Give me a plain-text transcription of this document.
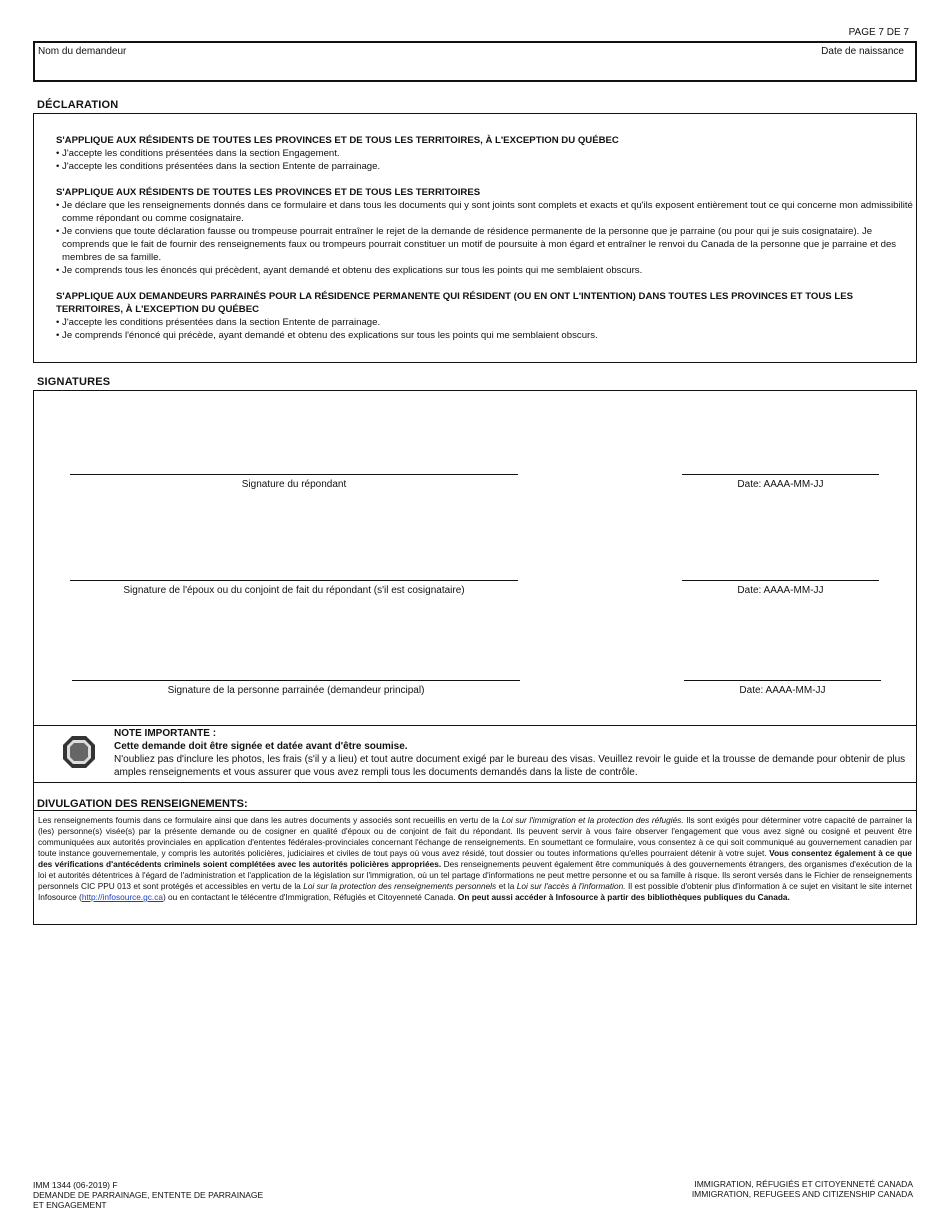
PAGE 7 DE 7
Nom du demandeur	Date de naissance
DÉCLARATION
S'APPLIQUE AUX RÉSIDENTS DE TOUTES LES PROVINCES ET DE TOUS LES TERRITOIRES, À L'EXCEPTION DU QUÉBEC
• J'accepte les conditions présentées dans la section Engagement.
• J'accepte les conditions présentées dans la section Entente de parrainage.
S'APPLIQUE AUX RÉSIDENTS DE TOUTES LES PROVINCES ET DE TOUS LES TERRITOIRES
• Je déclare que les renseignements donnés dans ce formulaire et dans tous les documents qui y sont joints sont complets et exacts et qu'ils exposent entièrement tout ce qui concerne mon admissibilité comme répondant ou comme cosignataire.
• Je conviens que toute déclaration fausse ou trompeuse pourrait entraîner le rejet de la demande de résidence permanente de la personne que je parraine (ou pour qui je suis cosignataire). Je comprends que le fait de fournir des renseignements faux ou trompeurs pourrait constituer un motif de poursuite à mon égard et entraîner le renvoi du Canada de la personne que je parraine et des membres de sa famille.
• Je comprends tous les énoncés qui précèdent, ayant demandé et obtenu des explications sur tous les points qui me semblaient obscurs.
S'APPLIQUE AUX DEMANDEURS PARRAINÉS POUR LA RÉSIDENCE PERMANENTE QUI RÉSIDENT (OU EN ONT L'INTENTION) DANS TOUTES LES PROVINCES ET TOUS LES TERRITOIRES, À L'EXCEPTION DU QUÉBEC
• J'accepte les conditions présentées dans la section Entente de parrainage.
• Je comprends l'énoncé qui précède, ayant demandé et obtenu des explications sur tous les points qui me semblaient obscurs.
SIGNATURES
Signature du répondant	Date: AAAA-MM-JJ
Signature de l'époux ou du conjoint de fait du répondant (s'il est cosignataire)	Date: AAAA-MM-JJ
Signature de la personne parrainée (demandeur principal)	Date: AAAA-MM-JJ
NOTE IMPORTANTE :
Cette demande doit être signée et datée avant d'être soumise.
N'oubliez pas d'inclure les photos, les frais (s'il y a lieu) et tout autre document exigé par le bureau des visas. Veuillez revoir le guide et la trousse de demande pour obtenir de plus amples renseignements et vous assurer que vous avez rempli tous les documents demandés dans la liste de contrôle.
DIVULGATION DES RENSEIGNEMENTS:
Les renseignements fournis dans ce formulaire ainsi que dans les autres documents y associés sont recueillis en vertu de la Loi sur l'immigration et la protection des réfugiés. Ils sont exigés pour déterminer votre capacité de parrainer la (les) personne(s) visée(s) par la présente demande ou de cosigner en qualité d'époux ou de conjoint de fait du répondant. Ils peuvent servir à vous faire observer l'engagement que vous avez signé ou cosigné et peuvent être communiquées aux autorités provinciales en application d'ententes fédérales-provinciales concernant l'échange de renseignements. En soumettant ce formulaire, vous consentez à ce qui soit communiqué au gouvernement canadien par toute instance gouvernementale, y compris les autorités policières, judiciaires et civiles de tout pays où vous avez résidé, tout dossier ou toutes informations qu'elles pourraient détenir à votre sujet. Vous consentez également à ce que des vérifications d'antécédents criminels soient complétées avec les autorités policières appropriées. Des renseignements peuvent également être communiqués à des gouvernements étrangers, des organismes d'exécution de la loi et autorités détentrices à l'égard de l'administration et l'application de la législation sur l'immigration, où un tel partage d'informations ne peut mettre personne et ou sa famille à risque. Ils seront versés dans le Fichier de renseignements personnels CIC PPU 013 et sont protégés et accessibles en vertu de la Loi sur la protection des renseignements personnels et la Loi sur l'accès à l'information. Il est possible d'obtenir plus d'information à ce sujet en visitant le site internet Infosource (http://infosource.gc.ca) ou en contactant le télécentre d'Immigration, Réfugiés et Citoyenneté Canada. On peut aussi accéder à Infosource à partir des bibliothèques publiques du Canada.
IMM 1344 (06-2019) F
DEMANDE DE PARRAINAGE, ENTENTE DE PARRAINAGE
ET ENGAGEMENT
IMMIGRATION, RÉFUGIÉS ET CITOYENNETÉ CANADA
IMMIGRATION, REFUGEES AND CITIZENSHIP CANADA
